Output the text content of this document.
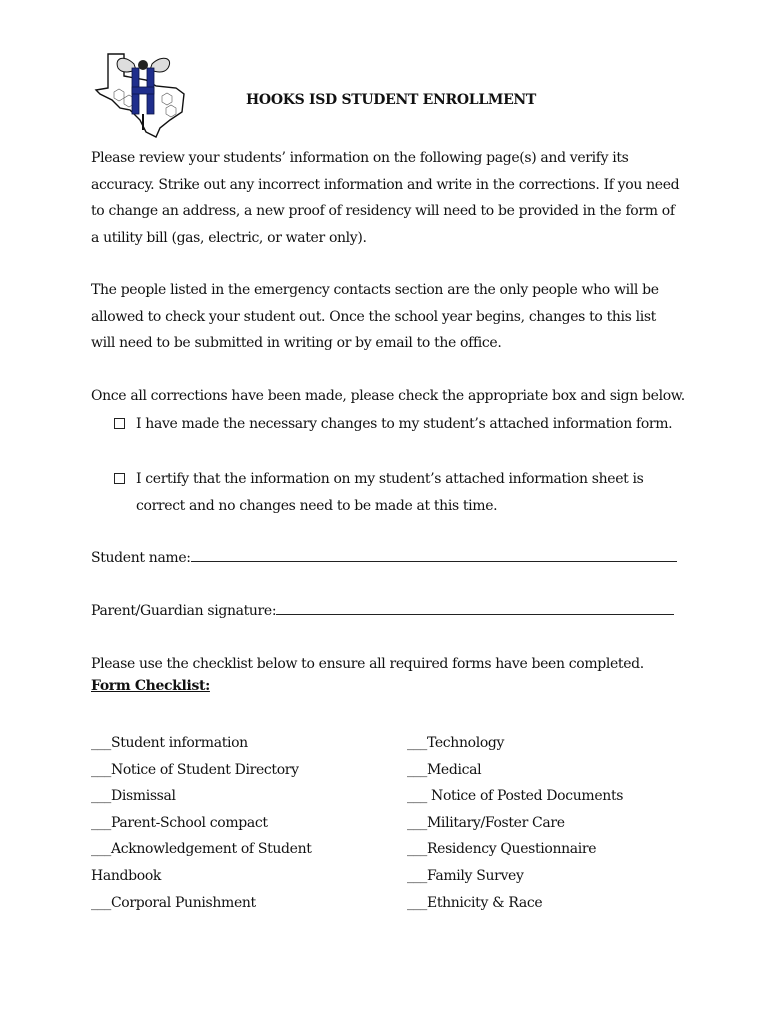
HOOKS ISD STUDENT ENROLLMENT
Please review your students’ information on the following page(s) and verify its accuracy. Strike out any incorrect information and write in the corrections. If you need to change an address, a new proof of residency will need to be provided in the form of a utility bill (gas, electric, or water only).
The people listed in the emergency contacts section are the only people who will be allowed to check your student out. Once the school year begins, changes to this list will need to be submitted in writing or by email to the office.
Once all corrections have been made, please check the appropriate box and sign below.
I have made the necessary changes to my student’s attached information form.
I certify that the information on my student’s attached information sheet is correct and no changes need to be made at this time.
Student name:
Parent/Guardian signature:
Please use the checklist below to ensure all required forms have been completed.
Form Checklist:
___Student information
___Notice of Student Directory
___Dismissal
___Parent-School compact
___Acknowledgement of Student
Handbook
___Corporal Punishment
___Technology
___Medical
___ Notice of Posted Documents
___Military/Foster Care
___Residency Questionnaire
___Family Survey
___Ethnicity & Race
